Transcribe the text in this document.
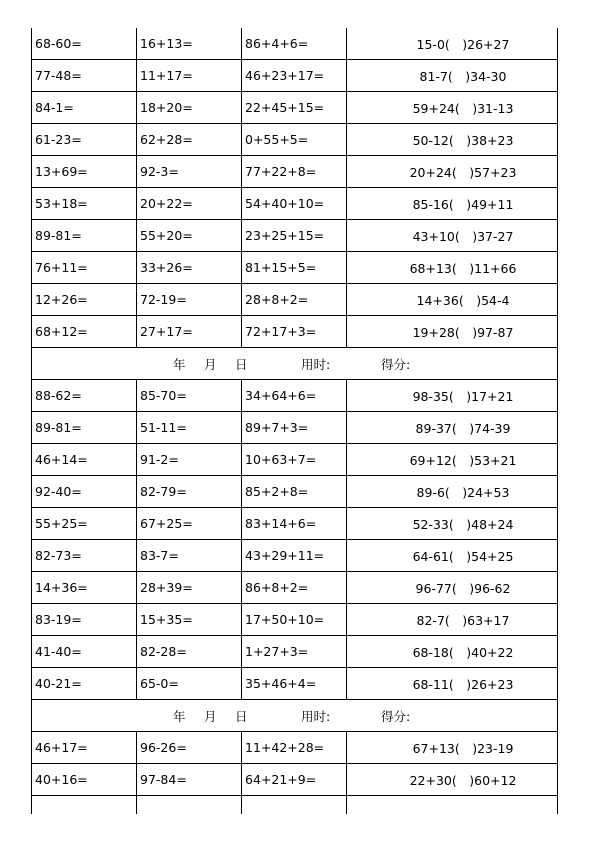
68-60=	16+13=	86+4+6=	15-0(　)26+27
77-48=	11+17=	46+23+17=	81-7(　)34-30
84-1=	18+20=	22+45+15=	59+24(　)31-13
61-23=	62+28=	0+55+5=	50-12(　)38+23
13+69=	92-3=	77+22+8=	20+24(　)57+23
53+18=	20+22=	54+40+10=	85-16(　)49+11
89-81=	55+20=	23+25+15=	43+10(　)37-27
76+11=	33+26=	81+15+5=	68+13(　)11+66
12+26=	72-19=	28+8+2=	14+36(　)54-4
68+12=	27+17=	72+17+3=	19+28(　)97-87

年 月 日 用时: 得分:			

88-62=	85-70=	34+64+6=	98-35(　)17+21
89-81=	51-11=	89+7+3=	89-37(　)74-39
46+14=	91-2=	10+63+7=	69+12(　)53+21
92-40=	82-79=	85+2+8=	89-6(　)24+53
55+25=	67+25=	83+14+6=	52-33(　)48+24
82-73=	83-7=	43+29+11=	64-61(　)54+25
14+36=	28+39=	86+8+2=	96-77(　)96-62
83-19=	15+35=	17+50+10=	82-7(　)63+17
41-40=	82-28=	1+27+3=	68-18(　)40+22
40-21=	65-0=	35+46+4=	68-11(　)26+23

年 月 日 用时: 得分:			

46+17=	96-26=	11+42+28=	67+13(　)23-19
40+16=	97-84=	64+21+9=	22+30(　)60+12
